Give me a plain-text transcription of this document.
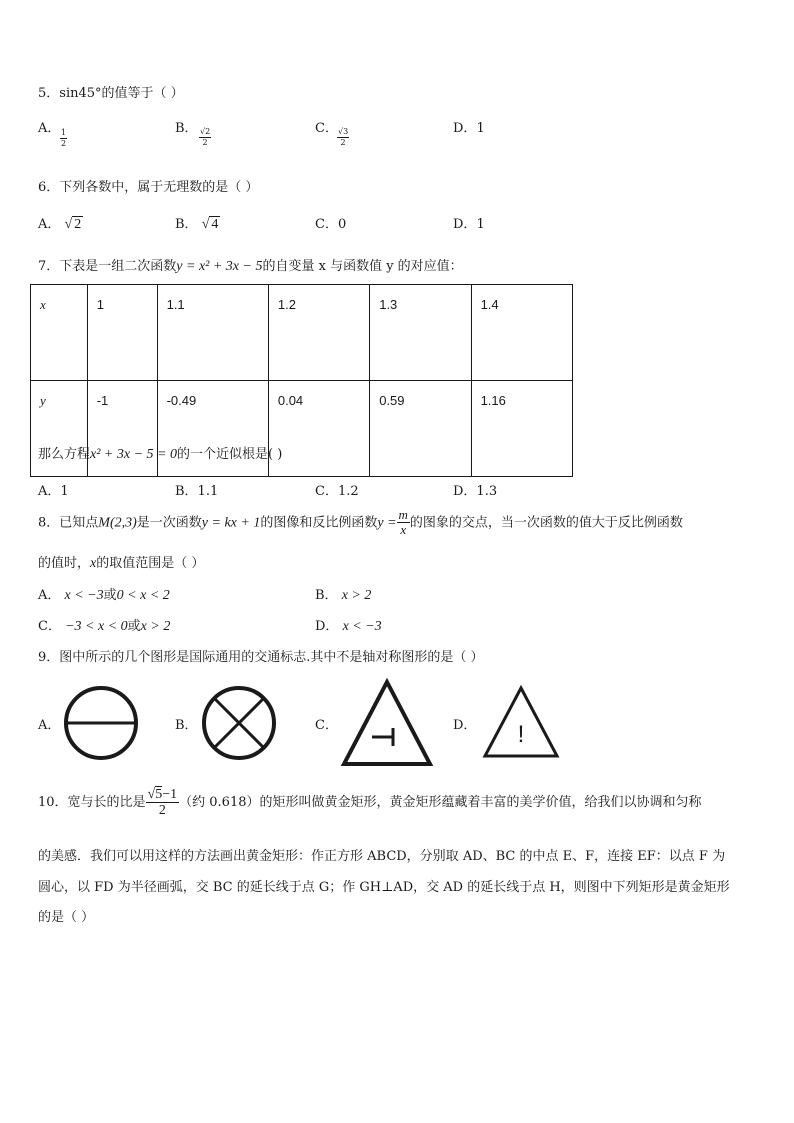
5．sin45°的值等于（ ）
A． $\frac{1}{2}$	B． √2
2
C． √3
2
D．1
6．下列各数中，属于无理数的是（ ）
A． √ 2	B． √ 4	C．0	D．1
7．下表是一组二次函数y = x² + 3x − 5的自变量 x 与函数值 y 的对应值：
x	1	1.1	1.2	1.3	1.4
y	-1	-0.49	0.04	0.59	1.16
那么方程x² + 3x − 5 = 0的一个近似根是( )
A．1	B．1.1	C．1.2	D．1.3
8．已知点M(2,3)是一次函数y = kx + 1的图像和反比例函数$y = \frac{m}{x}$ 的图象的交点，当一次函数的值大于反比例函数
的值时，x的取值范围是（ ）
A． x < −3或0 < x < 2	B． x > 2
C． −3 < x < 0或x > 2	D． x < −3
9．图中所示的几个图形是国际通用的交通标志.其中不是轴对称图形的是（ ）
A．	B．	C．	D． !
10．宽与长的比是 $\frac{√5-1}{2}$ （约 0.618）的矩形叫做黄金矩形，黄金矩形蕴藏着丰富的美学价值，给我们以协调和匀称
的美感．我们可以用这样的方法画出黄金矩形：作正方形 ABCD，分别取 AD、BC 的中点 E、F，连接 EF：以点 F 为
圆心，以 FD 为半径画弧，交 BC 的延长线于点 G；作 GH⊥AD，交 AD 的延长线于点 H，则图中下列矩形是黄金矩形
的是（ ）
